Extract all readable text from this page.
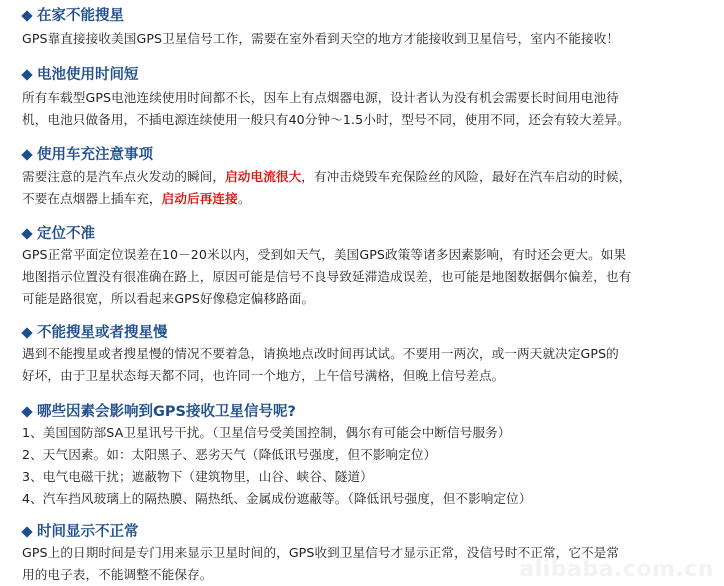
在家不能搜星
GPS靠直接接收美国GPS卫星信号工作，需要在室外看到天空的地方才能接收到卫星信号，室内不能接收！
电池使用时间短
所有车载型GPS电池连续使用时间都不长，因车上有点烟器电源，设计者认为没有机会需要长时间用电池待
机，电池只做备用，不插电源连续使用一般只有40分钟～1.5小时，型号不同，使用不同，还会有较大差异。
使用车充注意事项
需要注意的是汽车点火发动的瞬间，启动电流很大，有冲击烧毁车充保险丝的风险，最好在汽车启动的时候，
不要在点烟器上插车充，启动后再连接。
定位不准
GPS正常平面定位误差在10－20米以内，受到如天气，美国GPS政策等诸多因素影响，有时还会更大。如果
地图指示位置没有很准确在路上，原因可能是信号不良导致延滞造成误差，也可能是地图数据偶尔偏差，也有
可能是路很宽，所以看起来GPS好像稳定偏移路面。
不能搜星或者搜星慢
遇到不能搜星或者搜星慢的情况不要着急，请换地点改时间再试试。不要用一两次，或一两天就决定GPS的
好坏，由于卫星状态每天都不同，也许同一个地方，上午信号满格，但晚上信号差点。
哪些因素会影响到GPS接收卫星信号呢?
1、美国国防部SA卫星讯号干扰。（卫星信号受美国控制，偶尔有可能会中断信号服务）
2、天气因素。如：太阳黑子、恶劣天气（降低讯号强度，但不影响定位）
3、电气电磁干扰；遮蔽物下（建筑物里，山谷、峡谷、隧道）
4、汽车挡风玻璃上的隔热膜、隔热纸、金属成份遮蔽等。（降低讯号强度，但不影响定位）
时间显示不正常
GPS上的日期时间是专门用来显示卫星时间的，GPS收到卫星信号才显示正常，没信号时不正常，它不是常
用的电子表，不能调整不能保存。	alibaba.com.cn
